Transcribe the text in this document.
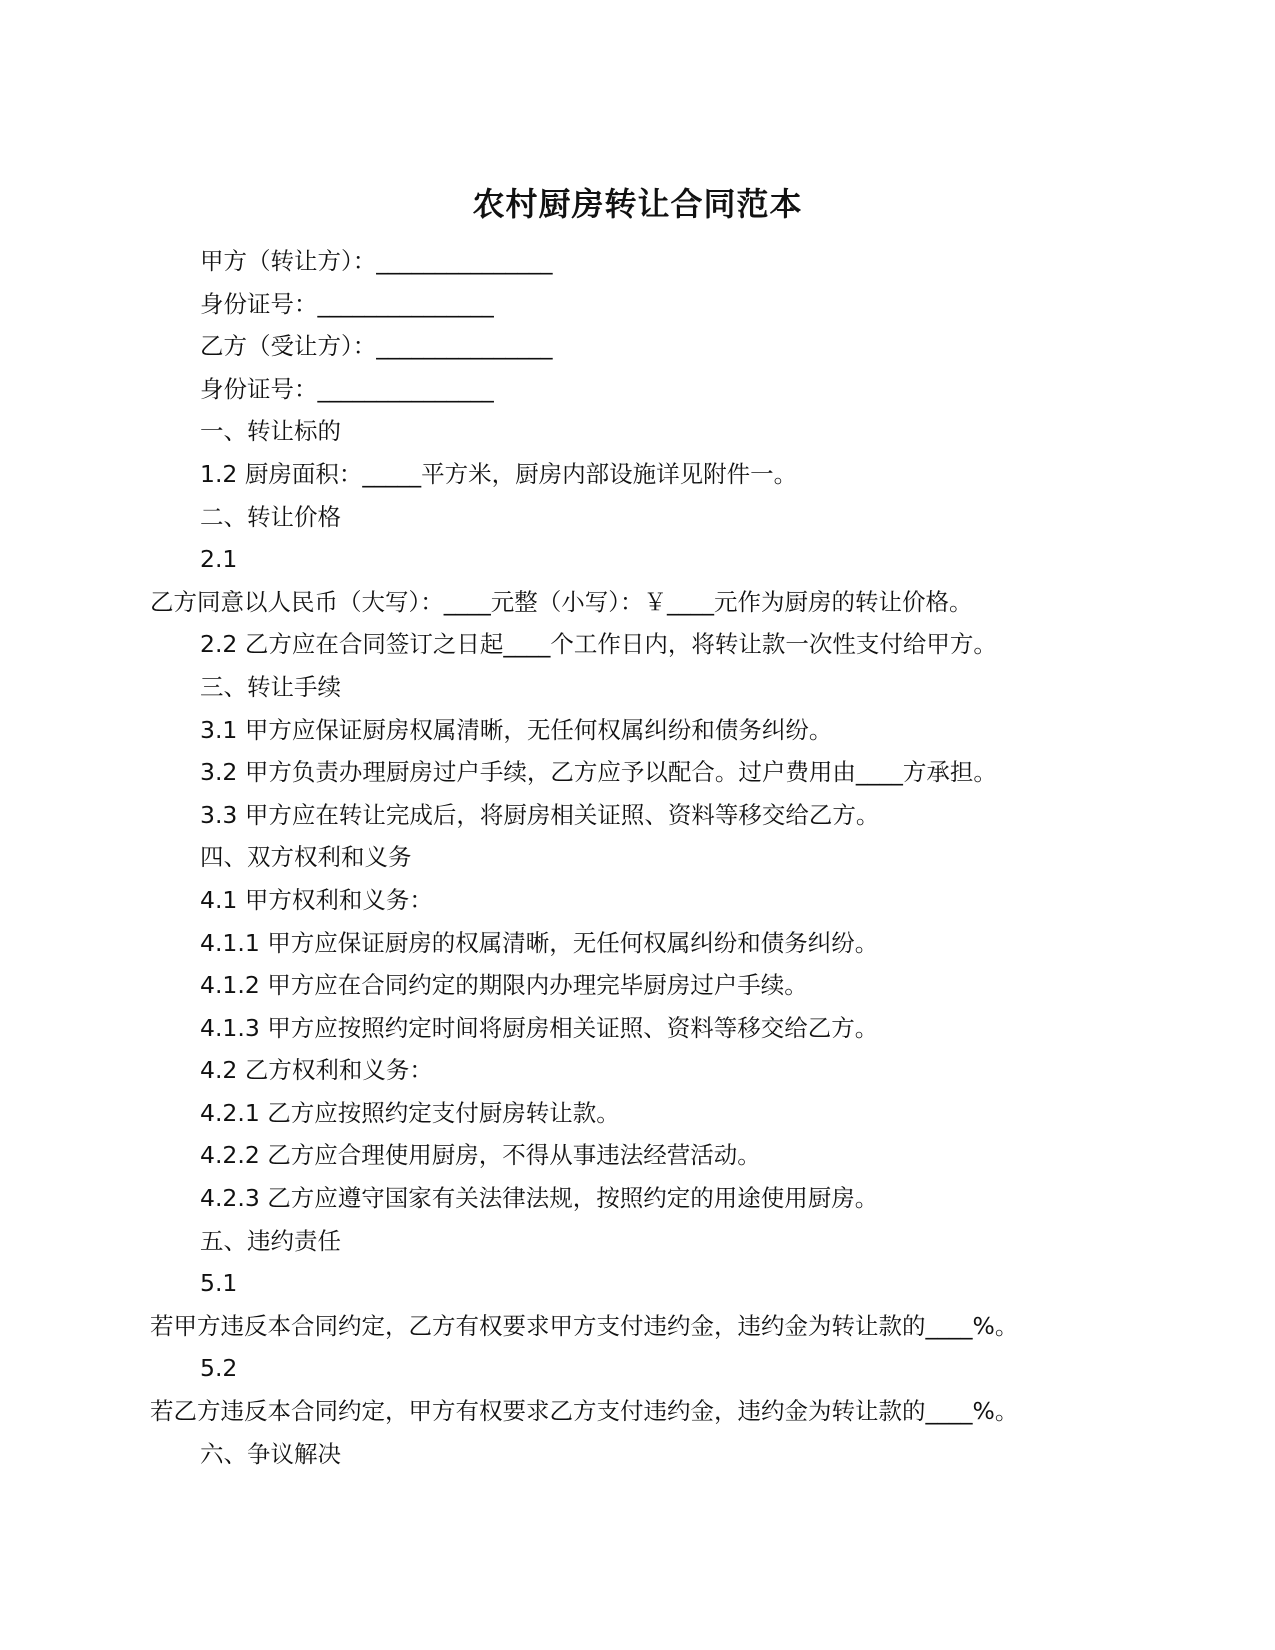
农村厨房转让合同范本
甲方（转让方）：_______________
身份证号：_______________
乙方（受让方）：_______________
身份证号：_______________
一、转让标的
1.2 厨房面积：_____平方米，厨房内部设施详见附件一。
二、转让价格
2.1
乙方同意以人民币（大写）：____元整（小写）：￥____元作为厨房的转让价格。
2.2 乙方应在合同签订之日起____个工作日内，将转让款一次性支付给甲方。
三、转让手续
3.1 甲方应保证厨房权属清晰，无任何权属纠纷和债务纠纷。
3.2 甲方负责办理厨房过户手续，乙方应予以配合。过户费用由____方承担。
3.3 甲方应在转让完成后，将厨房相关证照、资料等移交给乙方。
四、双方权利和义务
4.1 甲方权利和义务：
4.1.1 甲方应保证厨房的权属清晰，无任何权属纠纷和债务纠纷。
4.1.2 甲方应在合同约定的期限内办理完毕厨房过户手续。
4.1.3 甲方应按照约定时间将厨房相关证照、资料等移交给乙方。
4.2 乙方权利和义务：
4.2.1 乙方应按照约定支付厨房转让款。
4.2.2 乙方应合理使用厨房，不得从事违法经营活动。
4.2.3 乙方应遵守国家有关法律法规，按照约定的用途使用厨房。
五、违约责任
5.1
若甲方违反本合同约定，乙方有权要求甲方支付违约金，违约金为转让款的____%。
5.2
若乙方违反本合同约定，甲方有权要求乙方支付违约金，违约金为转让款的____%。
六、争议解决
